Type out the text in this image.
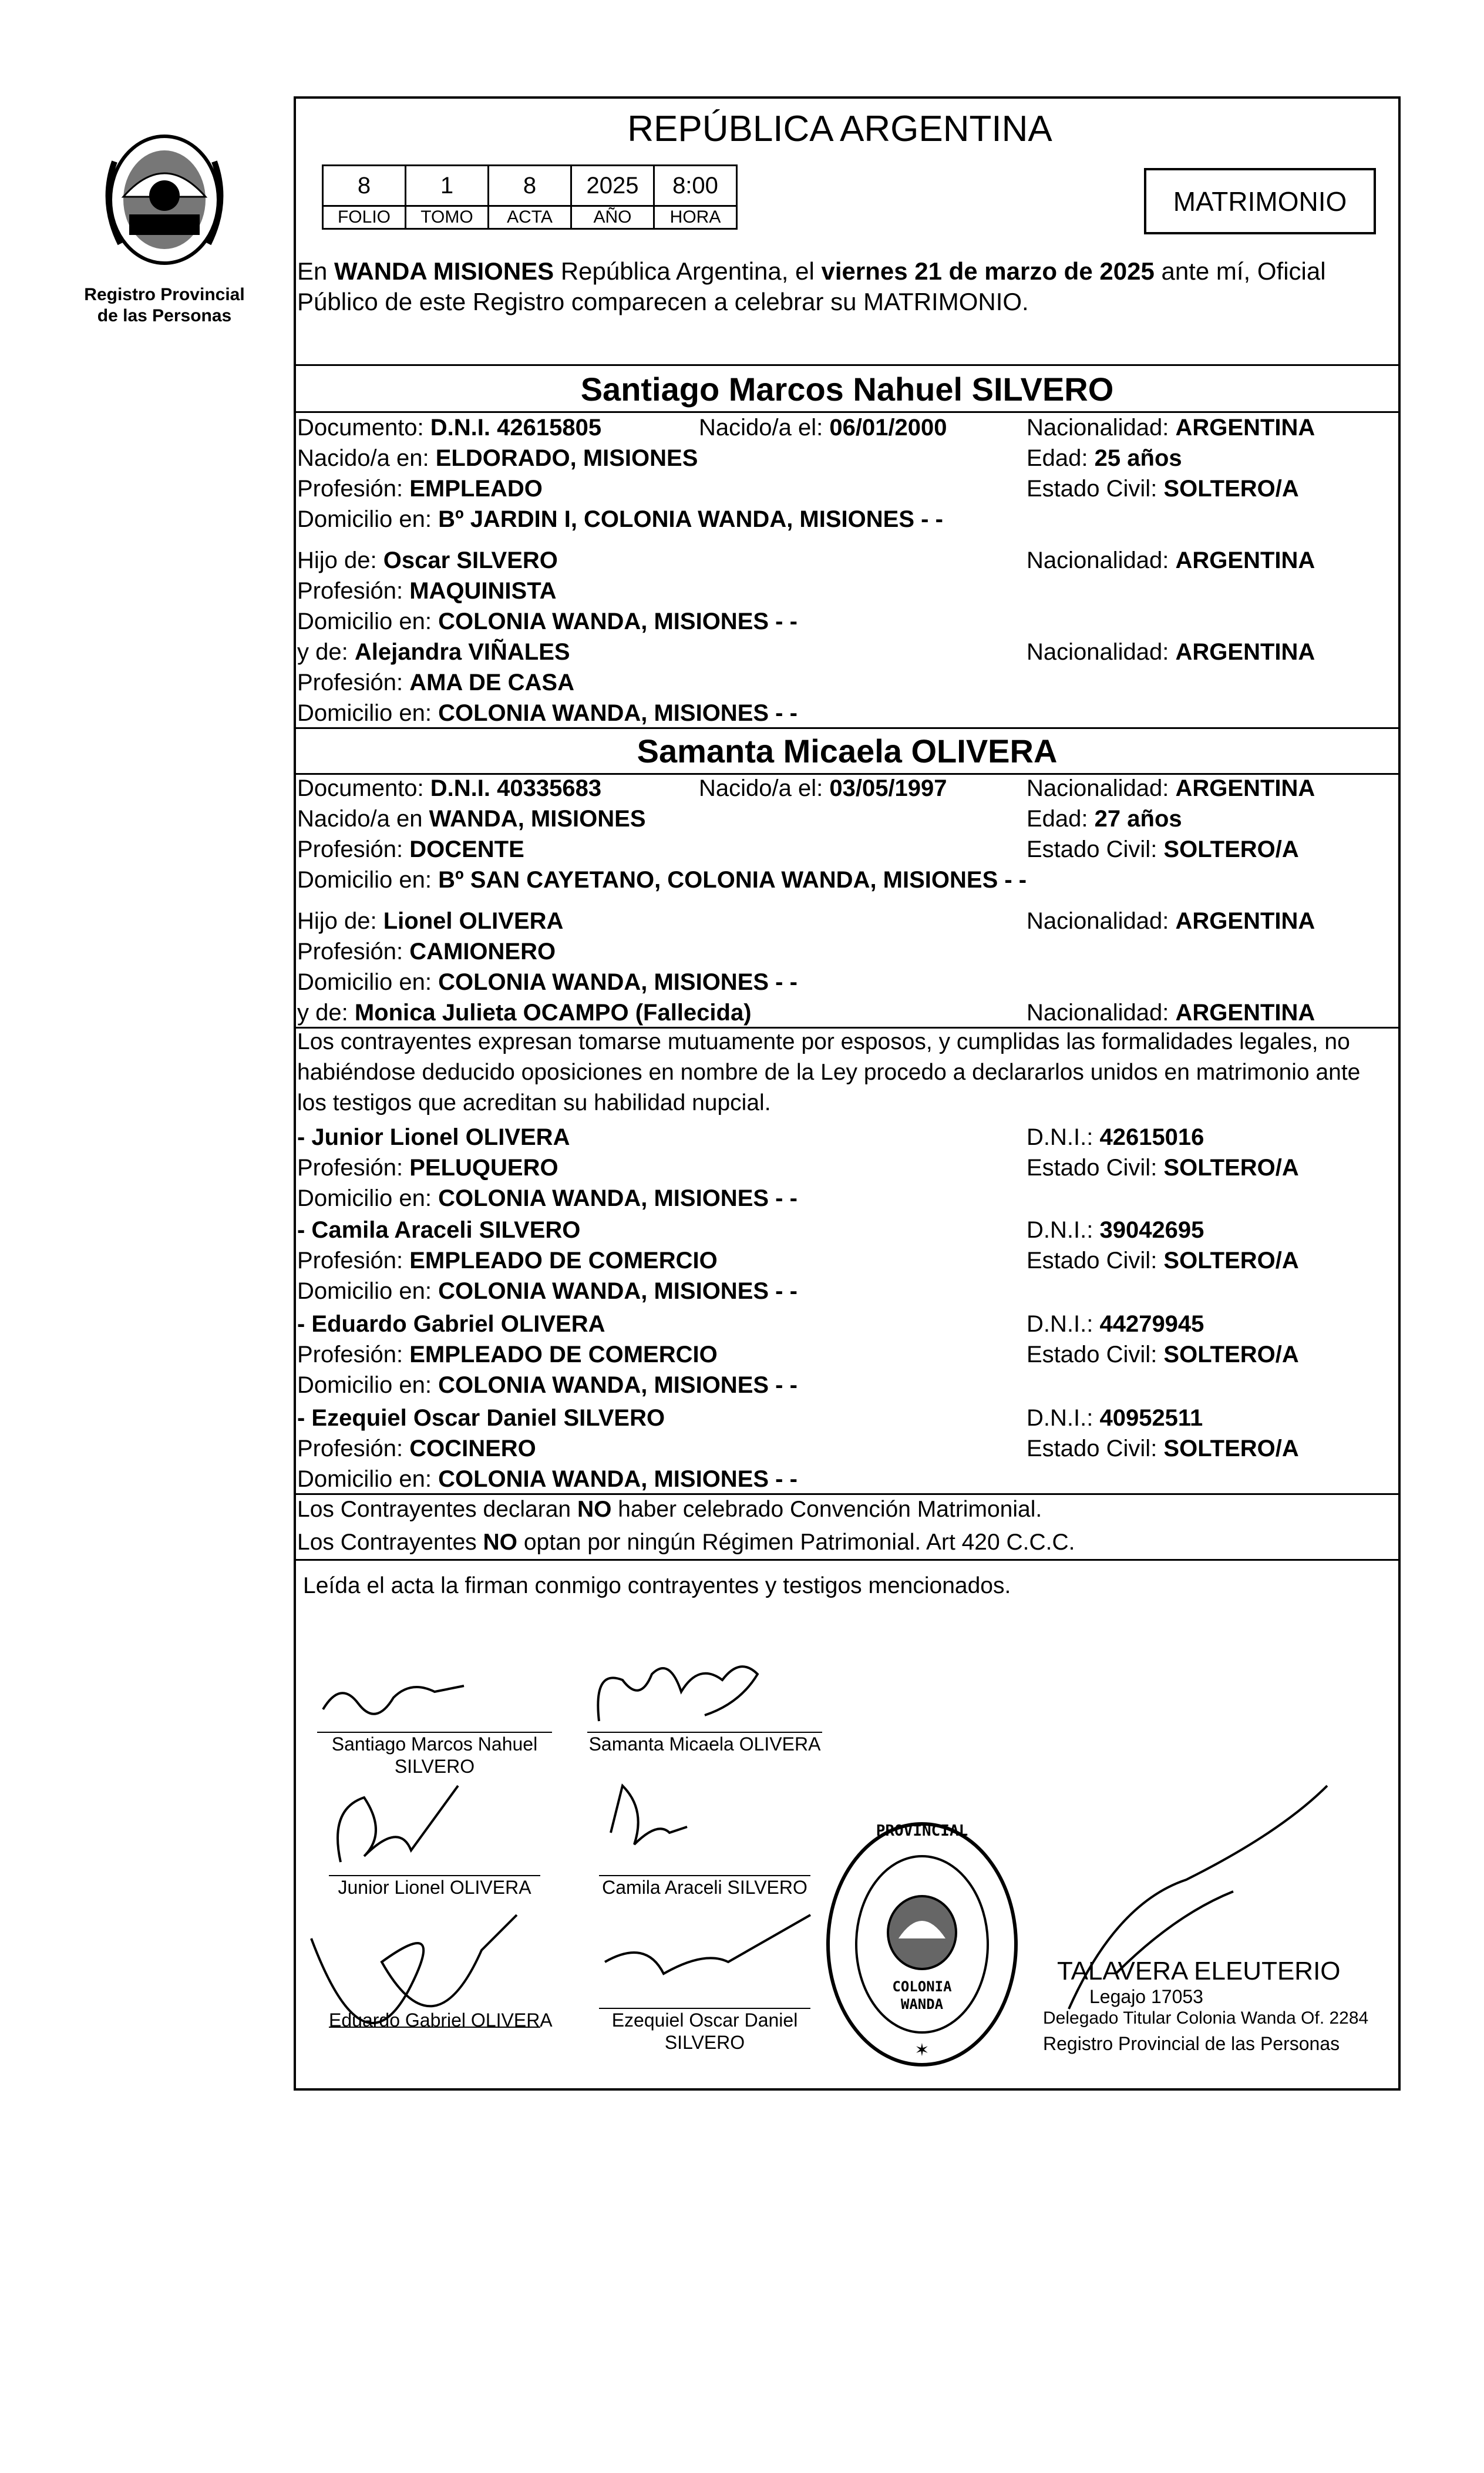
Registro Provincial
de las Personas
REPÚBLICA ARGENTINA
8	1	8	2025	8:00
FOLIO	TOMO	ACTA	AÑO	HORA
MATRIMONIO
En WANDA MISIONES República Argentina, el viernes 21 de marzo de 2025 ante mí, Oficial
Público de este Registro comparecen a celebrar su MATRIMONIO.
Santiago Marcos Nahuel SILVERO
Documento: D.N.I. 42615805	Nacido/a el: 06/01/2000	Nacionalidad: ARGENTINA
Nacido/a en: ELDORADO, MISIONES	Edad: 25 años
Profesión: EMPLEADO	Estado Civil: SOLTERO/A
Domicilio en: Bº JARDIN I, COLONIA WANDA, MISIONES - -
Hijo de: Oscar SILVERO	Nacionalidad: ARGENTINA
Profesión: MAQUINISTA
Domicilio en: COLONIA WANDA, MISIONES - -
y de: Alejandra VIÑALES	Nacionalidad: ARGENTINA
Profesión: AMA DE CASA
Domicilio en: COLONIA WANDA, MISIONES - -
Samanta Micaela OLIVERA
Documento: D.N.I. 40335683	Nacido/a el: 03/05/1997	Nacionalidad: ARGENTINA
Nacido/a en WANDA, MISIONES	Edad: 27 años
Profesión: DOCENTE	Estado Civil: SOLTERO/A
Domicilio en: Bº SAN CAYETANO, COLONIA WANDA, MISIONES - -
Hijo de: Lionel OLIVERA	Nacionalidad: ARGENTINA
Profesión: CAMIONERO
Domicilio en: COLONIA WANDA, MISIONES - -
y de: Monica Julieta OCAMPO (Fallecida)	Nacionalidad: ARGENTINA
Los contrayentes expresan tomarse mutuamente por esposos, y cumplidas las formalidades legales, no
habiéndose deducido oposiciones en nombre de la Ley procedo a declararlos unidos en matrimonio ante
los testigos que acreditan su habilidad nupcial.
- Junior Lionel OLIVERA	D.N.I.: 42615016
Profesión: PELUQUERO	Estado Civil: SOLTERO/A
Domicilio en: COLONIA WANDA, MISIONES - -
- Camila Araceli SILVERO	D.N.I.: 39042695
Profesión: EMPLEADO DE COMERCIO	Estado Civil: SOLTERO/A
Domicilio en: COLONIA WANDA, MISIONES - -
- Eduardo Gabriel OLIVERA	D.N.I.: 44279945
Profesión: EMPLEADO DE COMERCIO	Estado Civil: SOLTERO/A
Domicilio en: COLONIA WANDA, MISIONES - -
- Ezequiel Oscar Daniel SILVERO	D.N.I.: 40952511
Profesión: COCINERO	Estado Civil: SOLTERO/A
Domicilio en: COLONIA WANDA, MISIONES - -
Los Contrayentes declaran NO haber celebrado Convención Matrimonial.
Los Contrayentes NO optan por ningún Régimen Patrimonial. Art 420 C.C.C.
Leída el acta la firman conmigo contrayentes y testigos mencionados.
Santiago Marcos Nahuel
SILVERO
Samanta Micaela OLIVERA
Junior Lionel OLIVERA	Camila Araceli SILVERO
Eduardo Gabriel OLIVERA	Ezequiel Oscar Daniel
SILVERO
PROVINCIAL
COLONIA
WANDA
✶
TALAVERA ELEUTERIO
Legajo 17053
Delegado Titular Colonia Wanda Of. 2284
Registro Provincial de las Personas
